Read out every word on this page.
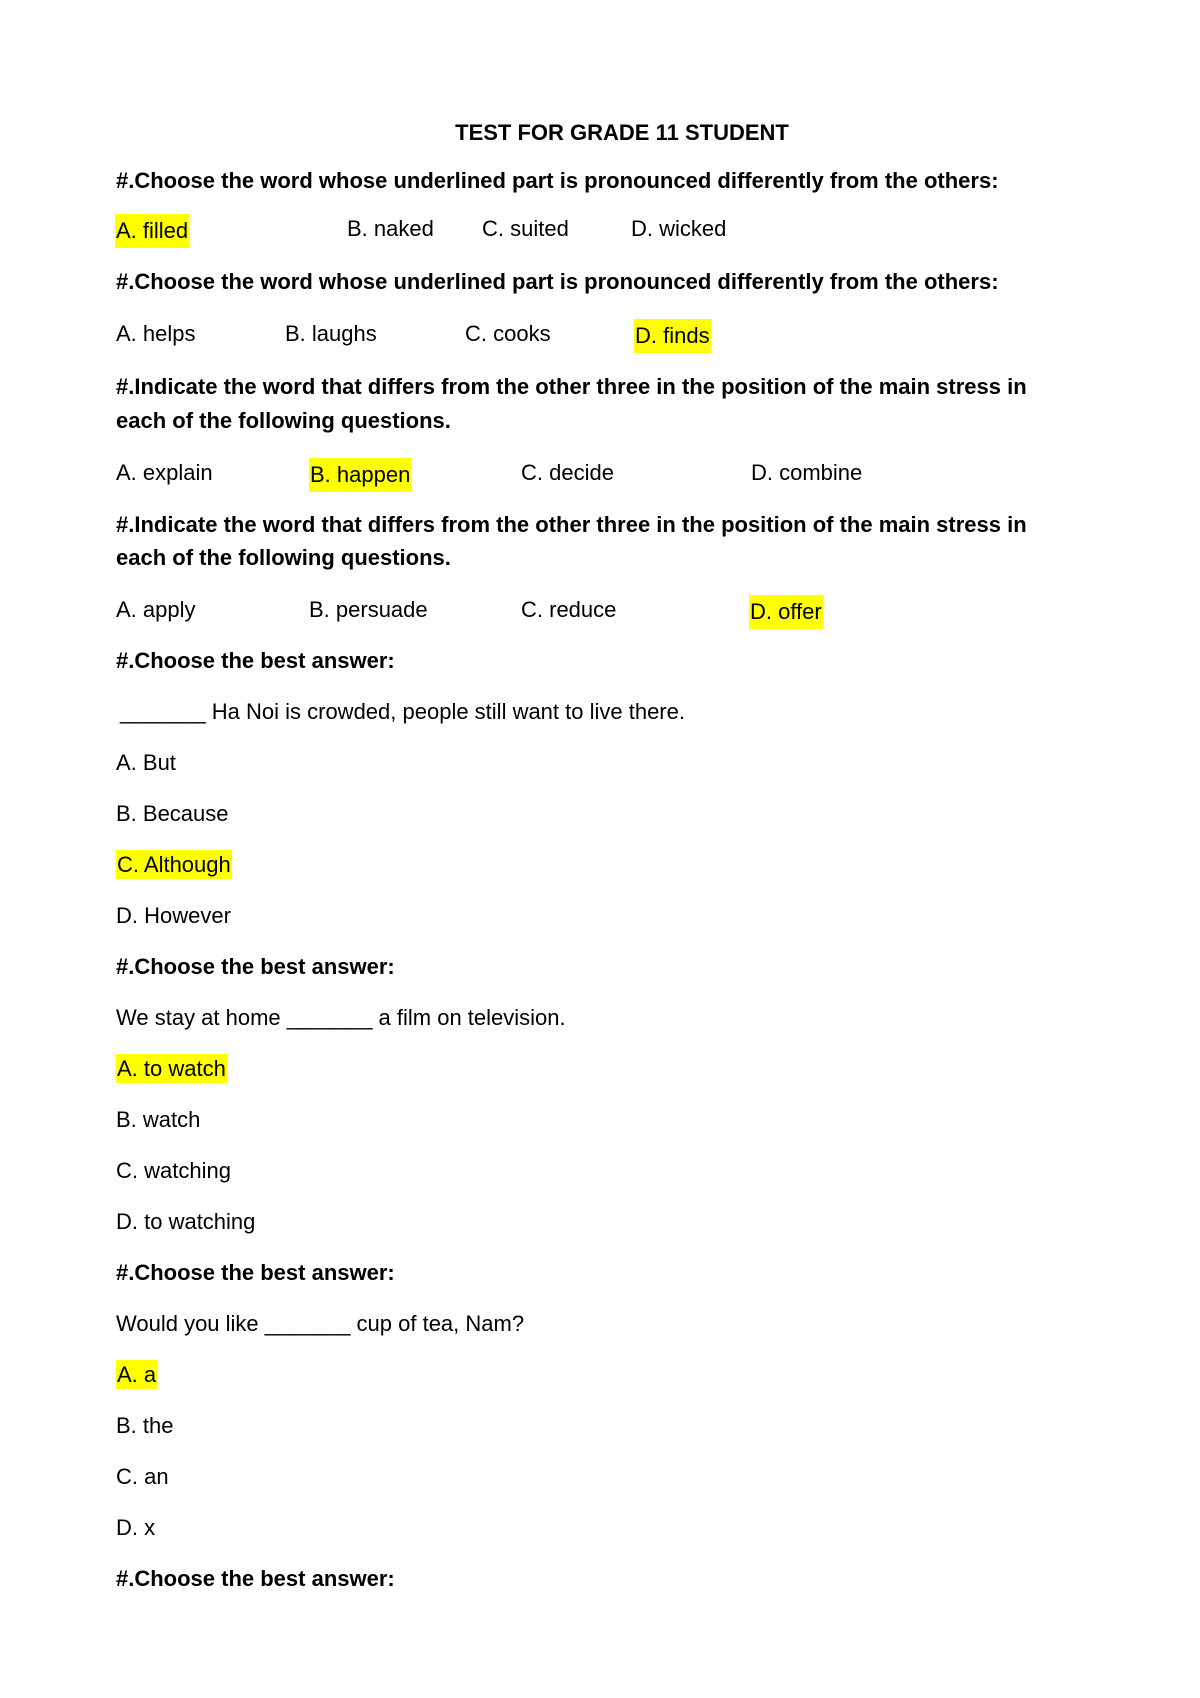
TEST FOR GRADE 11 STUDENT
#.Choose the word whose underlined part is pronounced differently from the others:
A. filled	B. naked C. suited	D. wicked
#.Choose the word whose underlined part is pronounced differently from the others:
A. helps	B. laughs	C. cooks	D. finds
#.Indicate the word that differs from the other three in the position of the main stress in
each of the following questions.
A. explain	B. happen	C. decide	D. combine
#.Indicate the word that differs from the other three in the position of the main stress in
each of the following questions.
A. apply	B. persuade	C. reduce	D. offer
#.Choose the best answer:
_______ Ha Noi is crowded, people still want to live there.
A. But
B. Because
C. Although
D. However
#.Choose the best answer:
We stay at home _______ a film on television.
A. to watch
B. watch
C. watching
D. to watching
#.Choose the best answer:
Would you like _______ cup of tea, Nam?
A. a
B. the
C. an
D. x
#.Choose the best answer:
